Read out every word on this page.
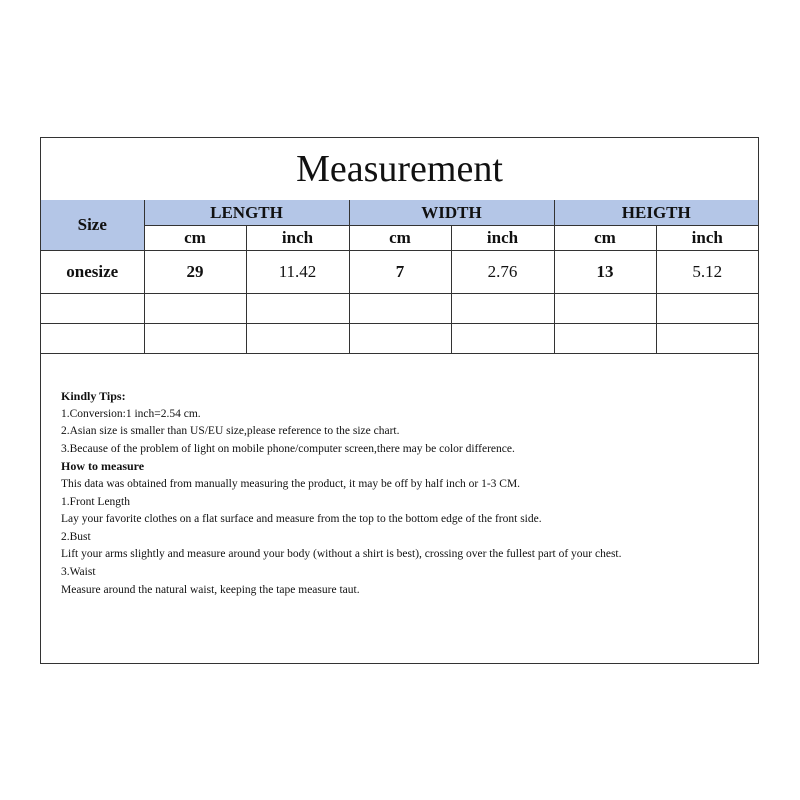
Measurement
Size	LENGTH		WIDTH		HEIGTH	
	cm	inch	cm	inch	cm	inch
onesize	29	11.42	7	2.76	13	5.12

Kindly Tips:
1.Conversion:1 inch=2.54 cm.
2.Asian size is smaller than US/EU size,please reference to the size chart.
3.Because of the problem of light on mobile phone/computer screen,there may be color difference.
How to measure
This data was obtained from manually measuring the product, it may be off by half inch or 1-3 CM.
1.Front Length
Lay your favorite clothes on a flat surface and measure from the top to the bottom edge of the front side.
2.Bust
Lift your arms slightly and measure around your body (without a shirt is best), crossing over the fullest part of your chest.
3.Waist
Measure around the natural waist, keeping the tape measure taut.
